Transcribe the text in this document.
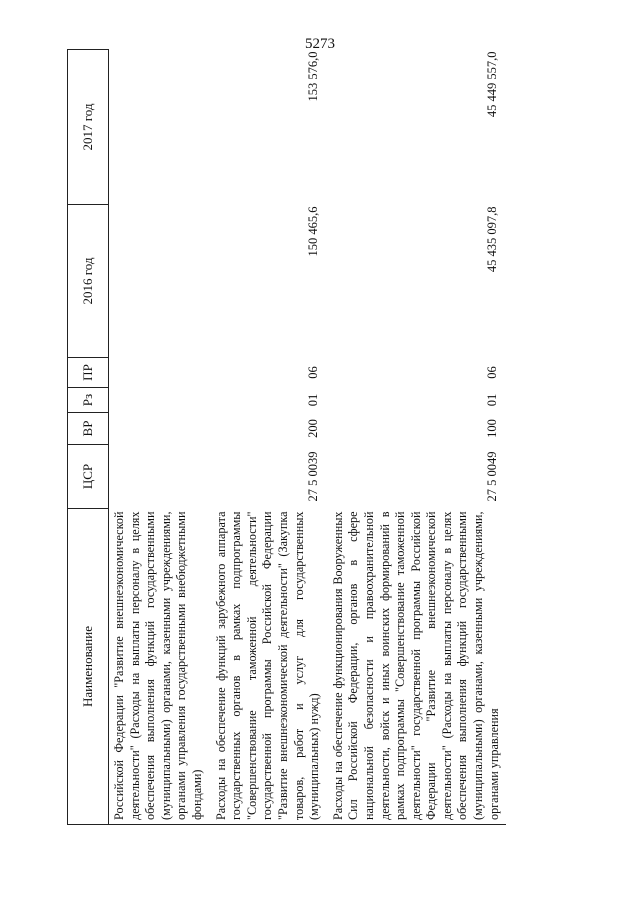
5273
Наименование	ЦСР	ВР	Рз	ПР	2016 год	2017 год
Российской Федерации "Развитие внешнеэкономической деятельности" (Расходы на выплаты персоналу в целях обеспечения выполнения функций государственными (муниципальными) органами, казенными учреждениями, органами управления государственными внебюджетными фондами)						
Расходы на обеспечение функций зарубежного аппарата государственных органов в рамках подпрограммы "Совершенствование таможенной деятельности" государственной программы Российской Федерации "Развитие внешнеэкономической деятельности" (Закупка товаров, работ и услуг для государственных (муниципальных) нужд)	27 5 0039	200	01	06	150 465,6	153 576,0
Расходы на обеспечение функционирования Вооруженных Сил Российской Федерации, органов в сфере национальной безопасности и правоохранительной деятельности, войск и иных воинских формирований в рамках подпрограммы "Совершенствование таможенной деятельности" государственной программы Российской Федерации "Развитие внешнеэкономической деятельности" (Расходы на выплаты персоналу в целях обеспечения выполнения функций государственными (муниципальными) органами, казенными учреждениями, органами управления	27 5 0049	100	01	06	45 435 097,8	45 449 557,0
